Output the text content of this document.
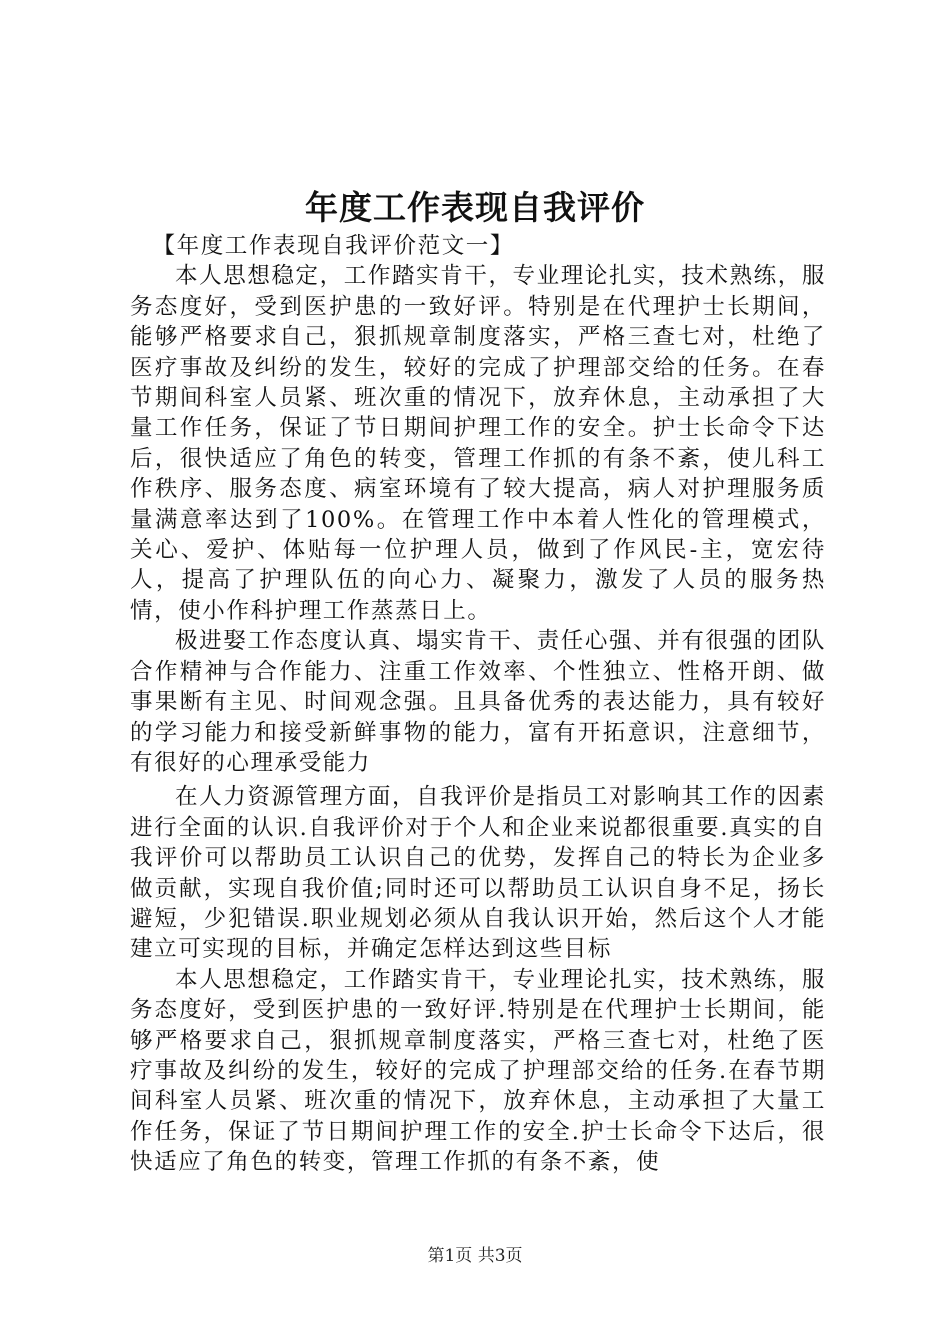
年度工作表现自我评价

【年度工作表现自我评价范文一】

本人思想稳定，工作踏实肯干，专业理论扎实，技术熟练，服务态度好，受到医护患的一致好评。特别是在代理护士长期间，能够严格要求自己，狠抓规章制度落实，严格三查七对，杜绝了医疗事故及纠纷的发生，较好的完成了护理部交给的任务。在春节期间科室人员紧、班次重的情况下，放弃休息，主动承担了大量工作任务，保证了节日期间护理工作的安全。护士长命令下达后，很快适应了角色的转变，管理工作抓的有条不紊，使儿科工作秩序、服务态度、病室环境有了较大提高，病人对护理服务质量满意率达到了100%。在管理工作中本着人性化的管理模式，关心、爱护、体贴每一位护理人员，做到了作风民-主，宽宏待人，提高了护理队伍的向心力、凝聚力，激发了人员的服务热情，使小作科护理工作蒸蒸日上。

极进娶工作态度认真、塌实肯干、责任心强、并有很强的团队合作精神与合作能力、注重工作效率、个性独立、性格开朗、做事果断有主见、时间观念强。且具备优秀的表达能力，具有较好的学习能力和接受新鲜事物的能力，富有开拓意识，注意细节，有很好的心理承受能力

在人力资源管理方面，自我评价是指员工对影响其工作的因素进行全面的认识.自我评价对于个人和企业来说都很重要.真实的自我评价可以帮助员工认识自己的优势，发挥自己的特长为企业多做贡献，实现自我价值;同时还可以帮助员工认识自身不足，扬长避短，少犯错误.职业规划必须从自我认识开始，然后这个人才能建立可实现的目标，并确定怎样达到这些目标

本人思想稳定，工作踏实肯干，专业理论扎实，技术熟练，服务态度好，受到医护患的一致好评.特别是在代理护士长期间，能够严格要求自己，狠抓规章制度落实，严格三查七对，杜绝了医疗事故及纠纷的发生，较好的完成了护理部交给的任务.在春节期间科室人员紧、班次重的情况下，放弃休息，主动承担了大量工作任务，保证了节日期间护理工作的安全.护士长命令下达后，很快适应了角色的转变，管理工作抓的有条不紊，使

第1页 共3页
